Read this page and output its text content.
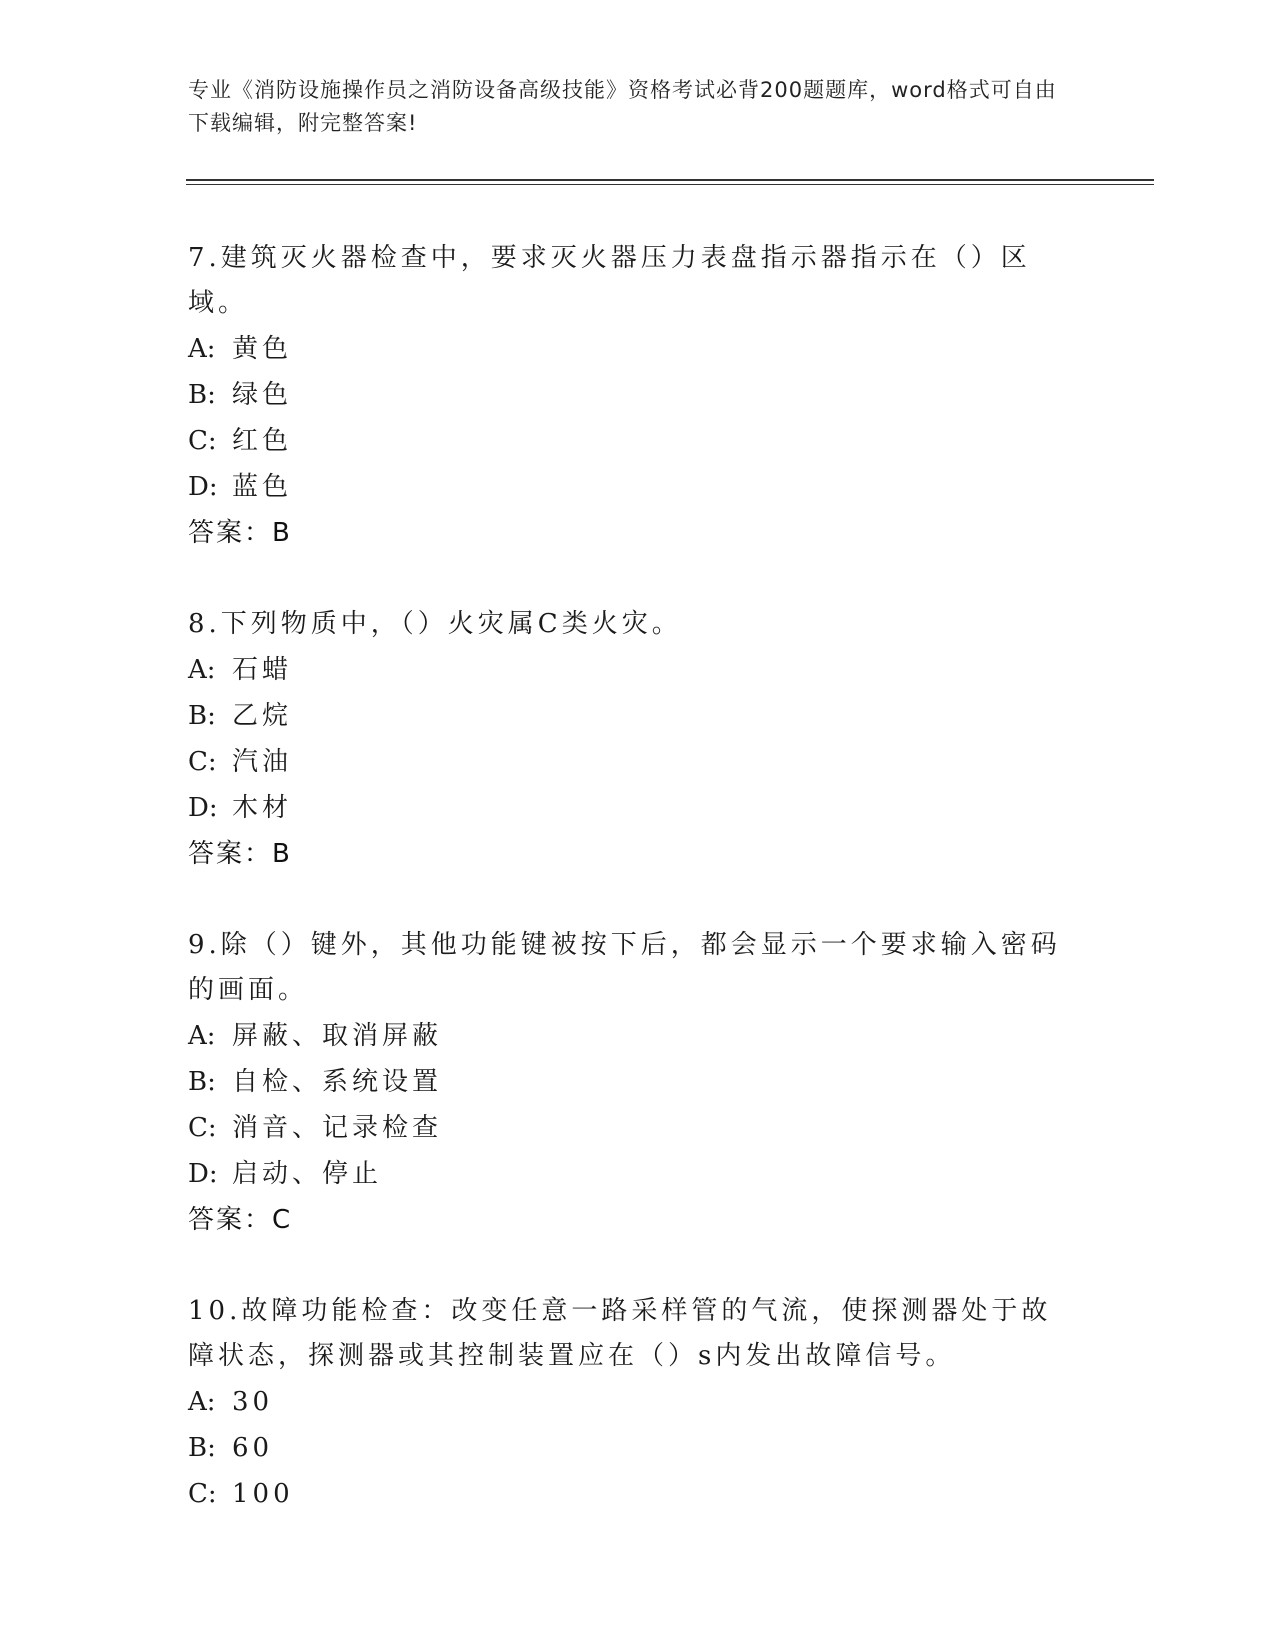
专业《消防设施操作员之消防设备高级技能》资格考试必背200题题库，word格式可自由下载编辑，附完整答案!

7.建筑灭火器检查中，要求灭火器压力表盘指示器指示在（）区域。

A: 黄色

B: 绿色

C: 红色

D: 蓝色

答案：B

8.下列物质中，（）火灾属C类火灾。

A: 石蜡

B: 乙烷

C: 汽油

D: 木材

答案：B

9.除（）键外，其他功能键被按下后，都会显示一个要求输入密码的画面。

A: 屏蔽、取消屏蔽

B: 自检、系统设置

C: 消音、记录检查

D: 启动、停止

答案：C

10.故障功能检查：改变任意一路采样管的气流，使探测器处于故障状态，探测器或其控制装置应在（）s内发出故障信号。

A: 30

B: 60

C: 100
